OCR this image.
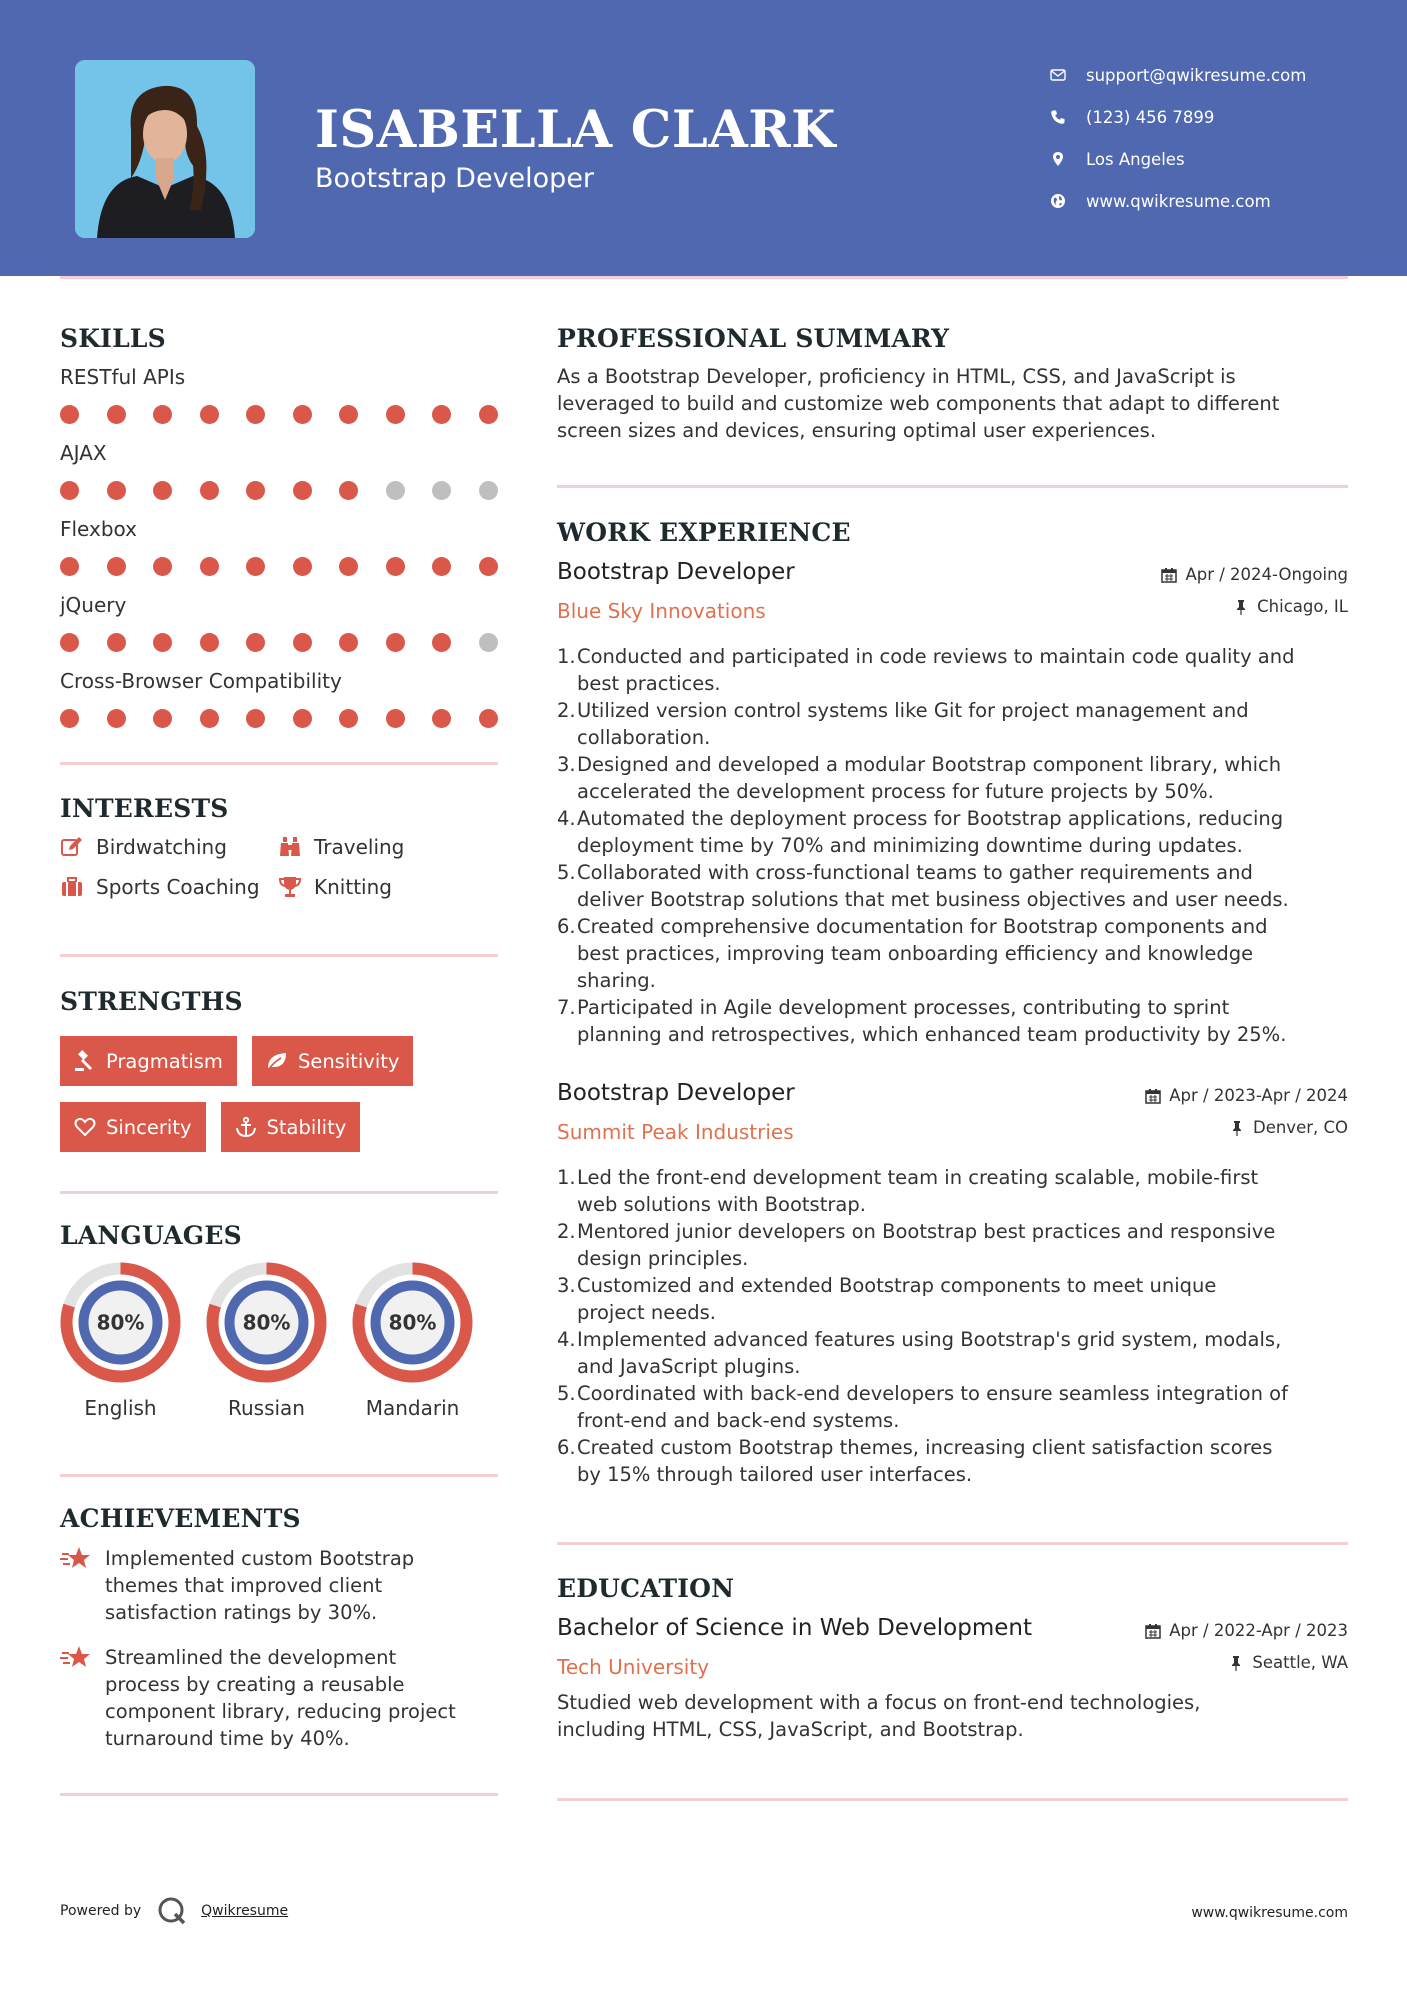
ISABELLA CLARK
Bootstrap Developer
support@qwikresume.com
(123) 456 7899
Los Angeles
www.qwikresume.com
SKILLS
RESTful APIs
AJAX
Flexbox
jQuery
Cross-Browser Compatibility
INTERESTS
Birdwatching	Traveling
Sports Coaching	Knitting
STRENGTHS
Pragmatism	Sensitivity
Sincerity	Stability
LANGUAGES
80%
English
80%
Russian
80%
Mandarin
ACHIEVEMENTS
Implemented custom Bootstrap
themes that improved client
satisfaction ratings by 30%.
Streamlined the development
process by creating a reusable
component library, reducing project
turnaround time by 40%.
PROFESSIONAL SUMMARY
As a Bootstrap Developer, proficiency in HTML, CSS, and JavaScript is
leveraged to build and customize web components that adapt to different
screen sizes and devices, ensuring optimal user experiences.
WORK EXPERIENCE
Bootstrap Developer
Blue Sky Innovations
Apr / 2024-Ongoing
Chicago, IL
1. Conducted and participated in code reviews to maintain code quality and
best practices.
2. Utilized version control systems like Git for project management and
collaboration.
3. Designed and developed a modular Bootstrap component library, which
accelerated the development process for future projects by 50%.
4. Automated the deployment process for Bootstrap applications, reducing
deployment time by 70% and minimizing downtime during updates.
5. Collaborated with cross-functional teams to gather requirements and
deliver Bootstrap solutions that met business objectives and user needs.
6. Created comprehensive documentation for Bootstrap components and
best practices, improving team onboarding efficiency and knowledge
sharing.
7. Participated in Agile development processes, contributing to sprint
planning and retrospectives, which enhanced team productivity by 25%.
Bootstrap Developer
Summit Peak Industries
Apr / 2023-Apr / 2024
Denver, CO
1. Led the front-end development team in creating scalable, mobile-first
web solutions with Bootstrap.
2. Mentored junior developers on Bootstrap best practices and responsive
design principles.
3. Customized and extended Bootstrap components to meet unique
project needs.
4. Implemented advanced features using Bootstrap's grid system, modals,
and JavaScript plugins.
5. Coordinated with back-end developers to ensure seamless integration of
front-end and back-end systems.
6. Created custom Bootstrap themes, increasing client satisfaction scores
by 15% through tailored user interfaces.
EDUCATION
Bachelor of Science in Web Development
Tech University
Apr / 2022-Apr / 2023
Seattle, WA
Studied web development with a focus on front-end technologies,
including HTML, CSS, JavaScript, and Bootstrap.
Powered by	Qwikresume	www.qwikresume.com
